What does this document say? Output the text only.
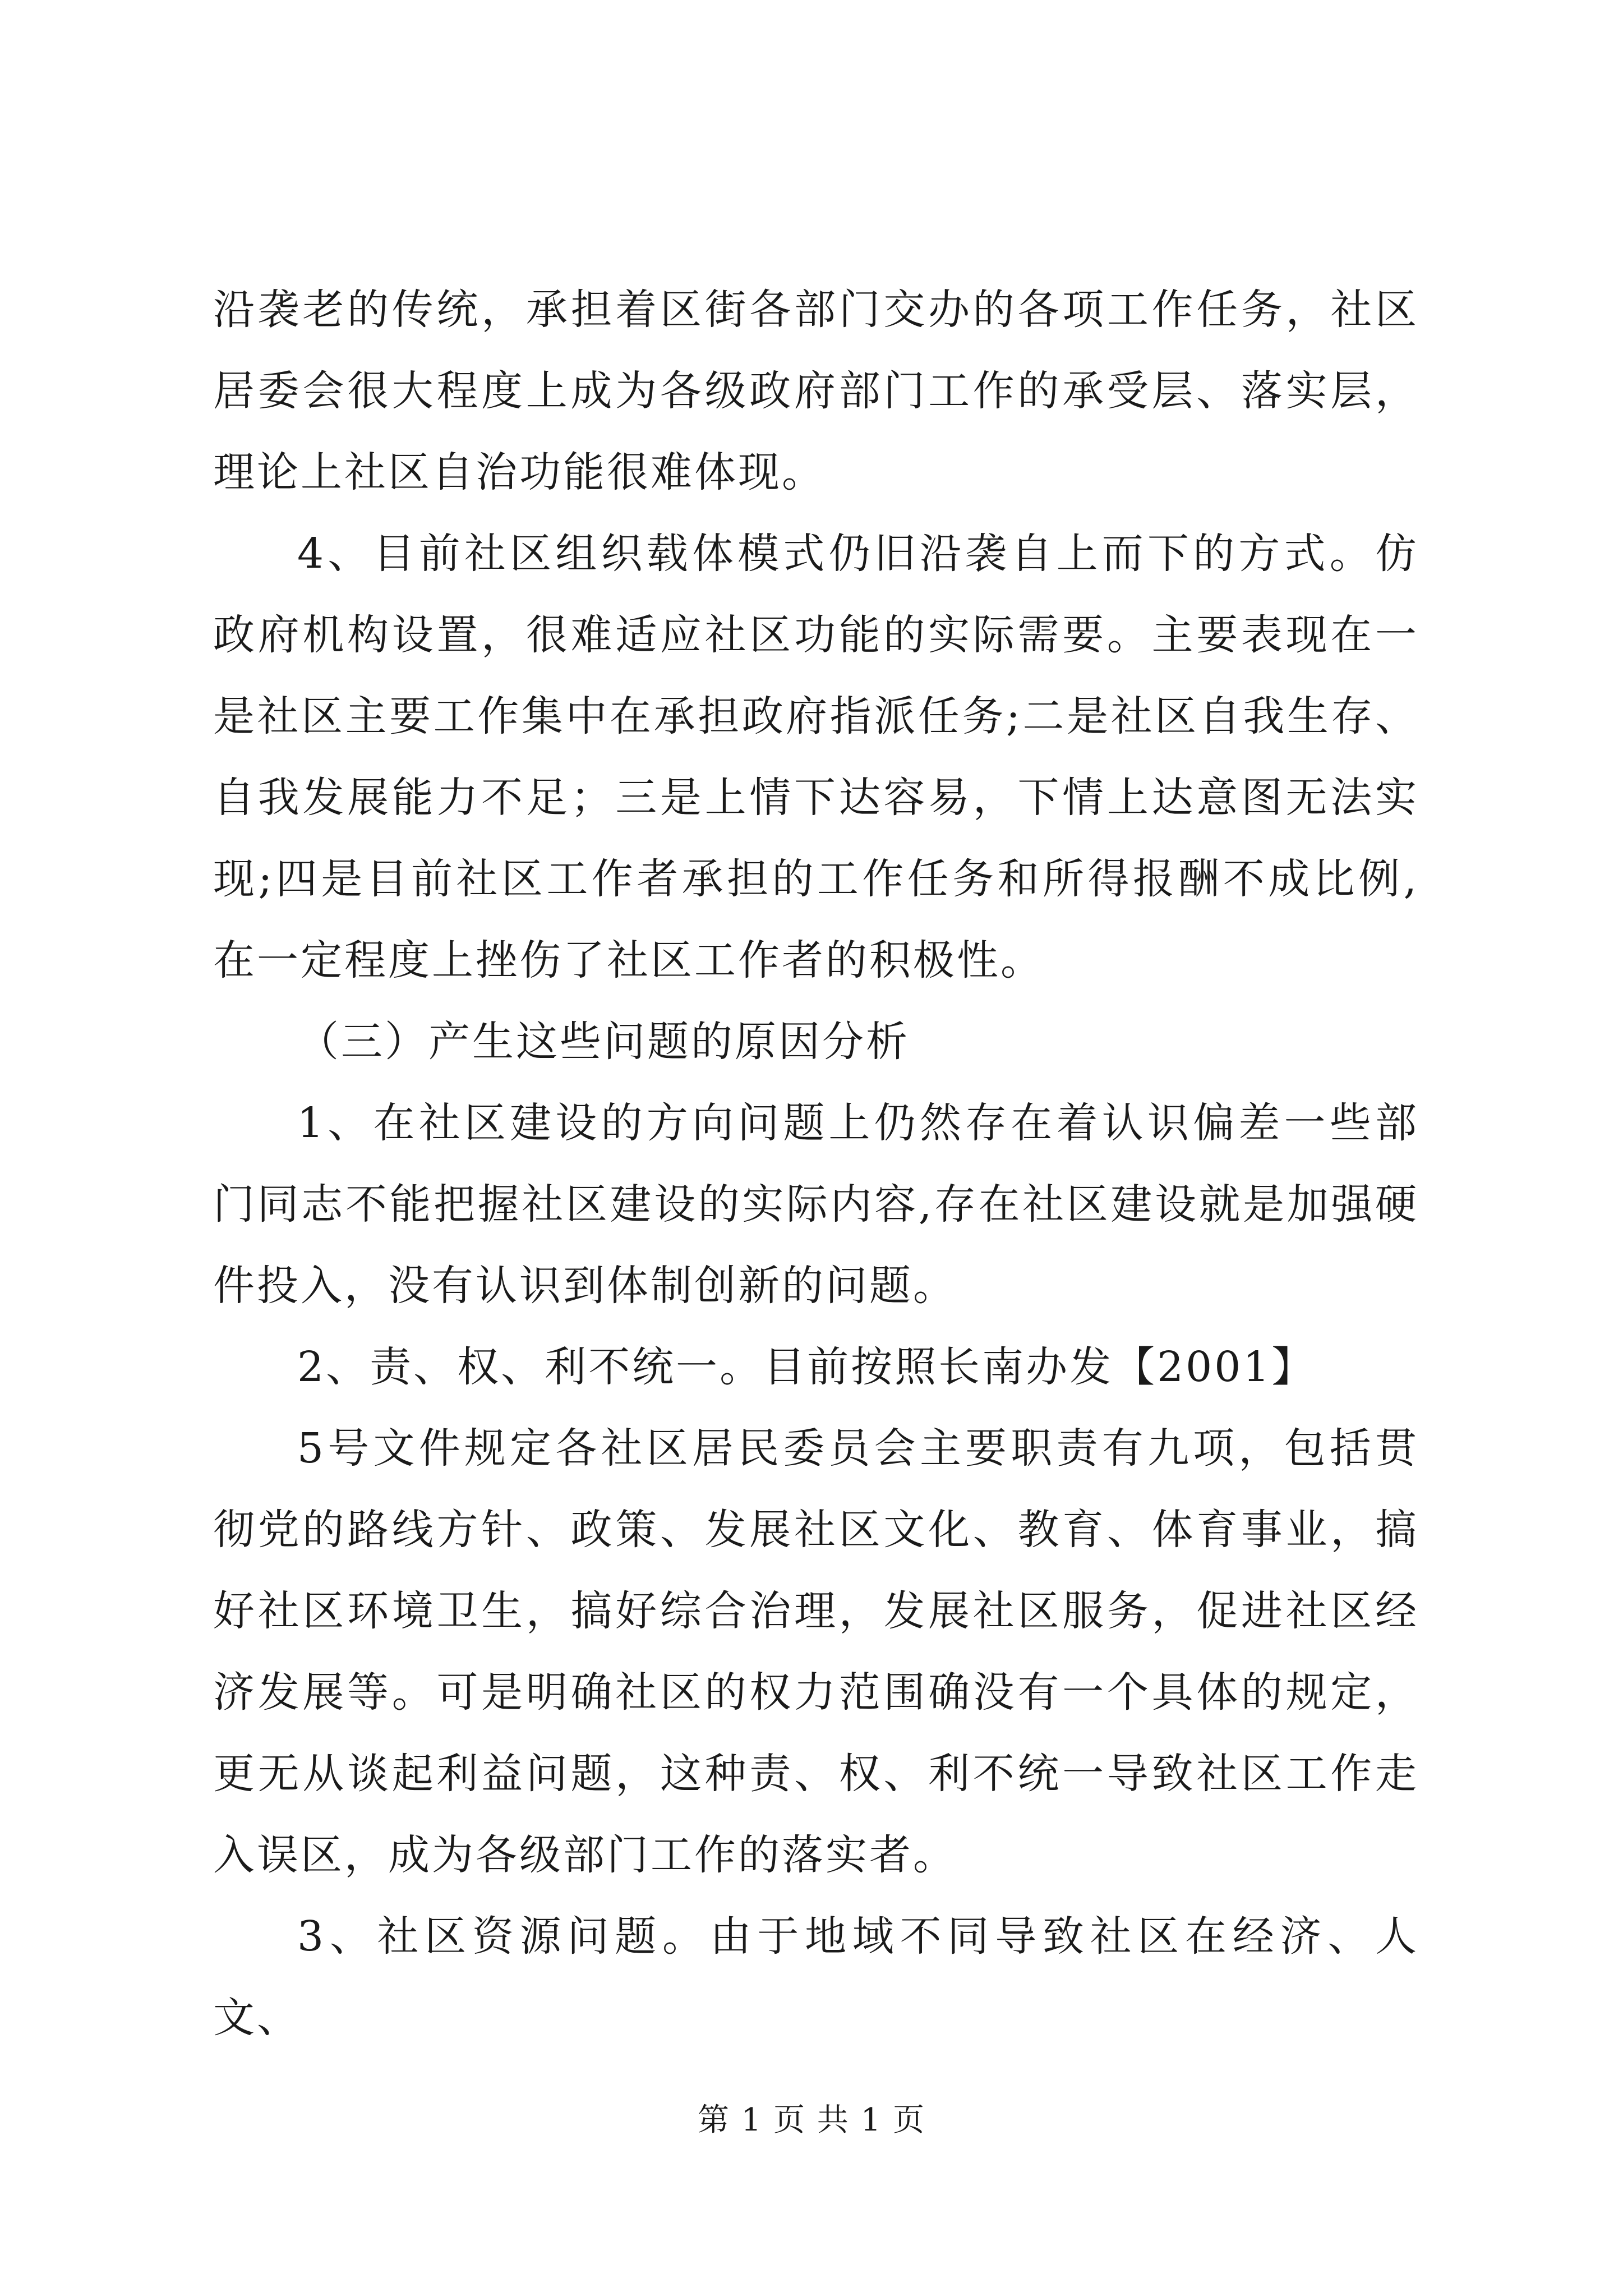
沿袭老的传统，承担着区街各部门交办的各项工作任务，社区居委会很大程度上成为各级政府部门工作的承受层、落实层，理论上社区自治功能很难体现。

4、目前社区组织载体模式仍旧沿袭自上而下的方式。仿政府机构设置，很难适应社区功能的实际需要。主要表现在一是社区主要工作集中在承担政府指派任务;二是社区自我生存、自我发展能力不足；三是上情下达容易，下情上达意图无法实现;四是目前社区工作者承担的工作任务和所得报酬不成比例,在一定程度上挫伤了社区工作者的积极性。

（三）产生这些问题的原因分析

1、在社区建设的方向问题上仍然存在着认识偏差一些部门同志不能把握社区建设的实际内容,存在社区建设就是加强硬件投入，没有认识到体制创新的问题。

2、责、权、利不统一。目前按照长南办发【2001】

5号文件规定各社区居民委员会主要职责有九项，包括贯彻党的路线方针、政策、发展社区文化、教育、体育事业，搞好社区环境卫生，搞好综合治理，发展社区服务，促进社区经济发展等。可是明确社区的权力范围确没有一个具体的规定，更无从谈起利益问题，这种责、权、利不统一导致社区工作走入误区，成为各级部门工作的落实者。

3、社区资源问题。由于地域不同导致社区在经济、人文、

第 1 页 共 1 页
